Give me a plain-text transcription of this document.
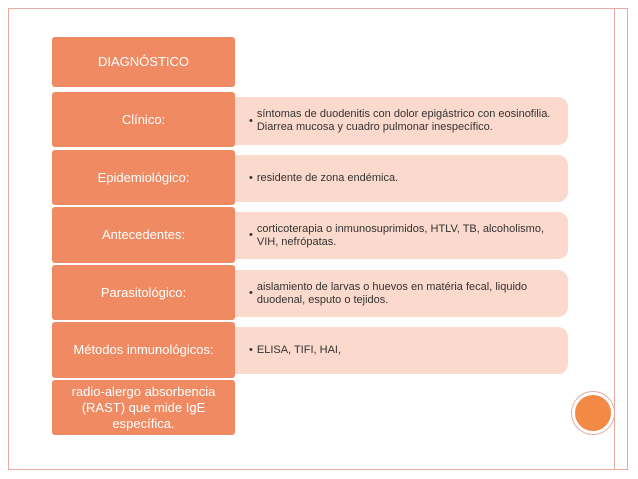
DIAGNÓSTICO
•
síntomas de duodenitis con dolor epigástrico con eosinofilia. Diarrea mucosa y cuadro pulmonar inespecífico.
Clínico:
• residente de zona endémica.
Epidemiológico:
•
corticoterapia o inmunosuprimidos, HTLV, TB, alcoholismo, VIH, nefrópatas.
Antecedentes:
•
aislamiento de larvas o huevos en matéria fecal, liquido duodenal, esputo o tejidos.
Parasitológico:
• ELISA, TIFI, HAI,
Métodos inmunológicos:
radio-alergo absorbencia (RAST) que mide IgE específica.
